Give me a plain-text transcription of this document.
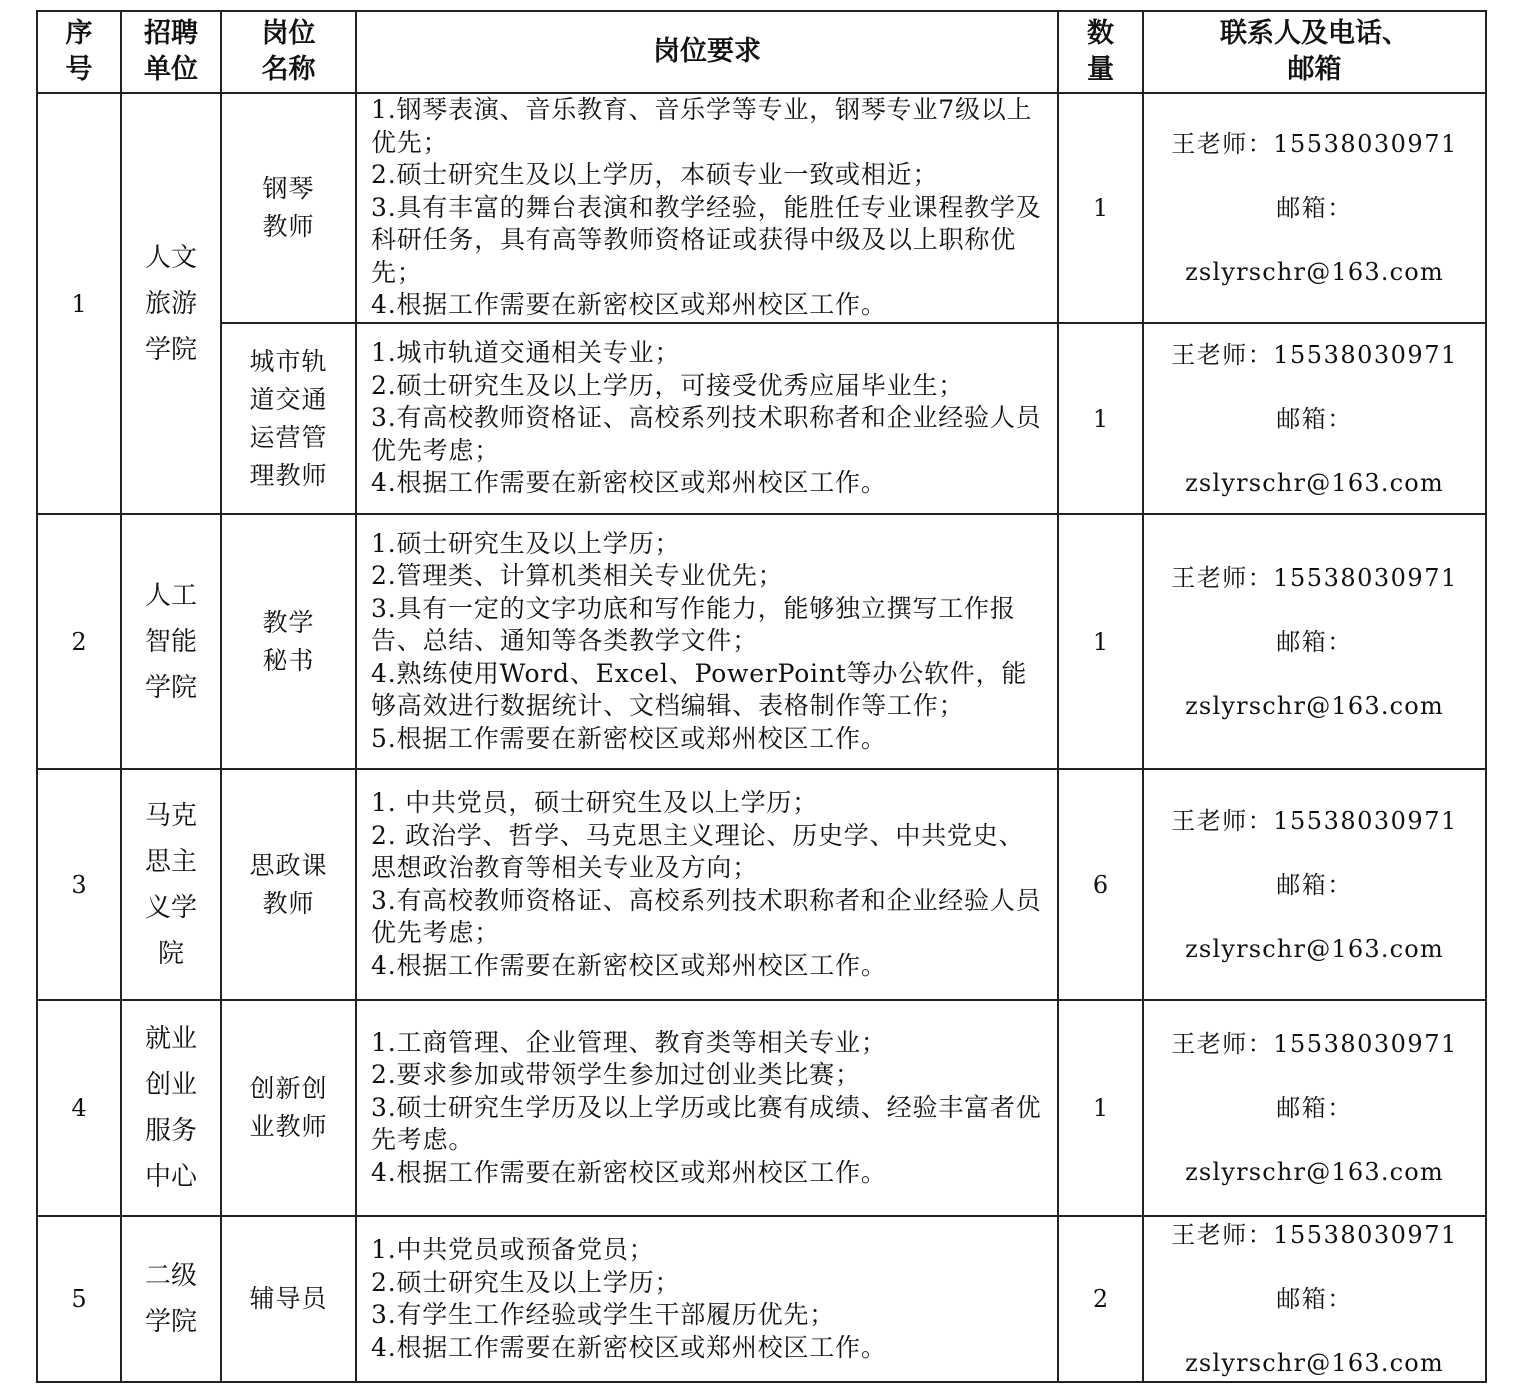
序
号	招聘
单位	岗位
名称	岗位要求	数
量	联系人及电话、
邮箱
1	人文
旅游
学院	钢琴
教师	1.钢琴表演、音乐教育、音乐学等专业，钢琴专业7级以上优先；
2.硕士研究生及以上学历，本硕专业一致或相近；
3.具有丰富的舞台表演和教学经验，能胜任专业课程教学及科研任务，具有高等教师资格证或获得中级及以上职称优先；
4.根据工作需要在新密校区或郑州校区工作。	1	王老师：15538030971
邮箱：
zslyrschr@163.com

		城市轨
道交通
运营管
理教师	1.城市轨道交通相关专业；
2.硕士研究生及以上学历，可接受优秀应届毕业生；
3.有高校教师资格证、高校系列技术职称者和企业经验人员优先考虑；
4.根据工作需要在新密校区或郑州校区工作。	1	王老师：15538030971
邮箱：
zslyrschr@163.com

2	人工
智能
学院	教学
秘书	1.硕士研究生及以上学历；
2.管理类、计算机类相关专业优先；
3.具有一定的文字功底和写作能力，能够独立撰写工作报告、总结、通知等各类教学文件；
4.熟练使用Word、Excel、PowerPoint等办公软件，能够高效进行数据统计、文档编辑、表格制作等工作；
5.根据工作需要在新密校区或郑州校区工作。	1	王老师：15538030971
邮箱：
zslyrschr@163.com

3	马克
思主
义学
院	思政课
教师	1. 中共党员，硕士研究生及以上学历；
2. 政治学、哲学、马克思主义理论、历史学、中共党史、思想政治教育等相关专业及方向；
3.有高校教师资格证、高校系列技术职称者和企业经验人员优先考虑；
4.根据工作需要在新密校区或郑州校区工作。	6	王老师：15538030971
邮箱：
zslyrschr@163.com

4	就业
创业
服务
中心	创新创
业教师	1.工商管理、企业管理、教育类等相关专业；
2.要求参加或带领学生参加过创业类比赛；
3.硕士研究生学历及以上学历或比赛有成绩、经验丰富者优先考虑。
4.根据工作需要在新密校区或郑州校区工作。	1	王老师：15538030971
邮箱：
zslyrschr@163.com

5	二级
学院	辅导员	1.中共党员或预备党员；
2.硕士研究生及以上学历；
3.有学生工作经验或学生干部履历优先；
4.根据工作需要在新密校区或郑州校区工作。	2	王老师：15538030971
邮箱：
zslyrschr@163.com
